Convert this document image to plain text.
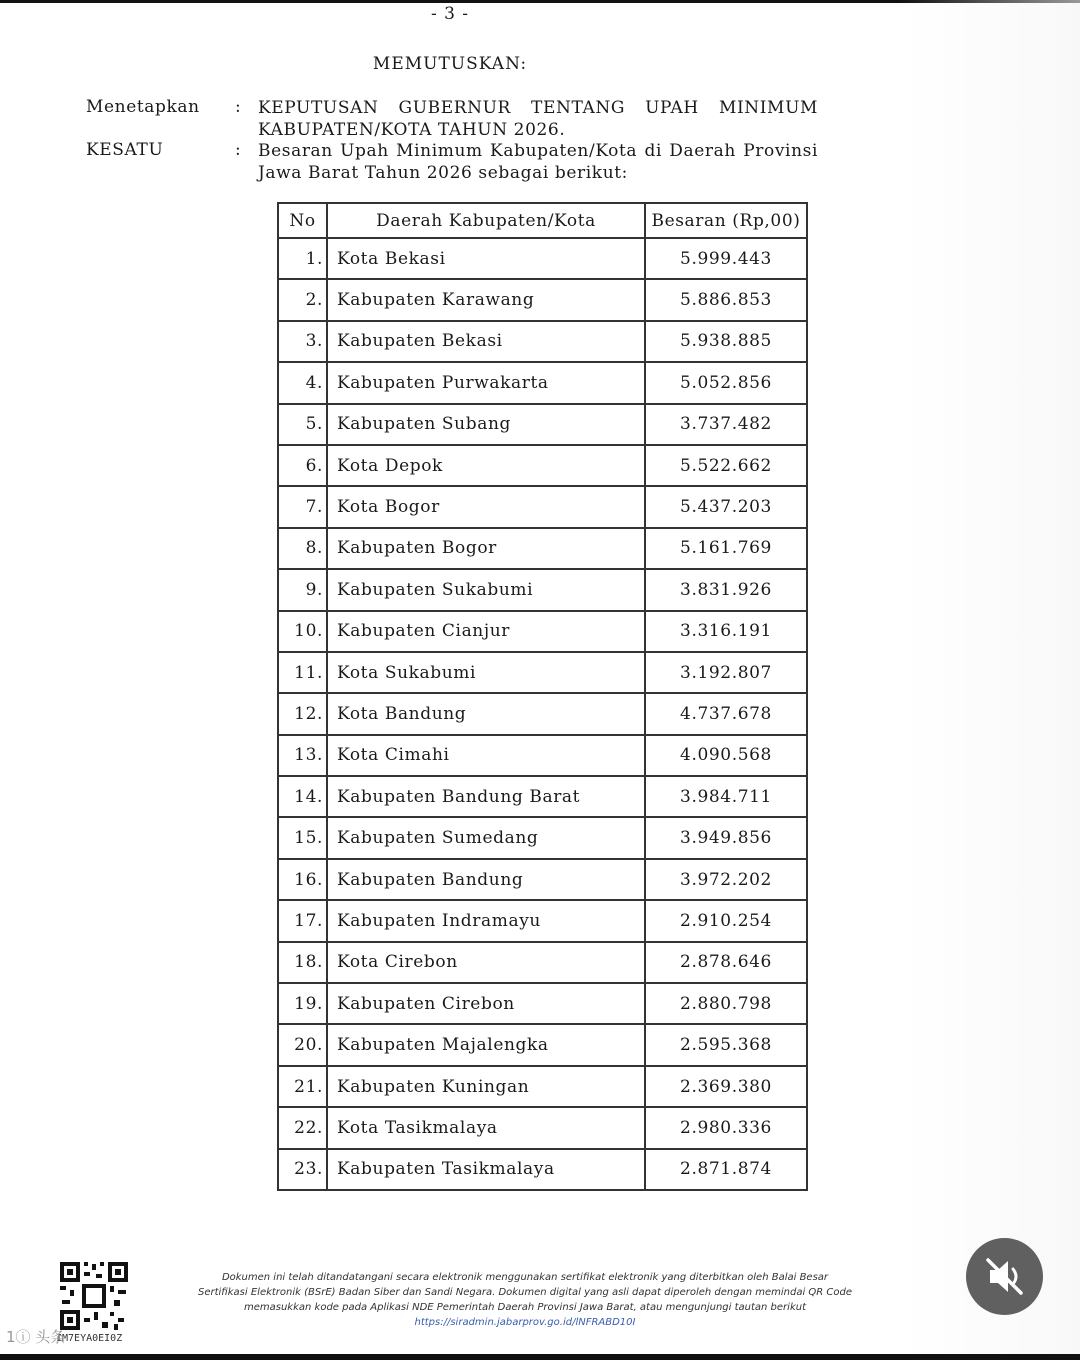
- 3 -
MEMUTUSKAN:
Menetapkan : KEPUTUSAN GUBERNUR TENTANG UPAH MINIMUM
KABUPATEN/KOTA TAHUN 2026.
KESATU	: Besaran Upah Minimum Kabupaten/Kota di Daerah Provinsi
Jawa Barat Tahun 2026 sebagai berikut:
No	Daerah Kabupaten/Kota	Besaran (Rp,00)
1.	Kota Bekasi	5.999.443
2.	Kabupaten Karawang	5.886.853
3.	Kabupaten Bekasi	5.938.885
4.	Kabupaten Purwakarta	5.052.856
5.	Kabupaten Subang	3.737.482
6.	Kota Depok	5.522.662
7.	Kota Bogor	5.437.203
8.	Kabupaten Bogor	5.161.769
9.	Kabupaten Sukabumi	3.831.926
10.	Kabupaten Cianjur	3.316.191
11.	Kota Sukabumi	3.192.807
12.	Kota Bandung	4.737.678
13.	Kota Cimahi	4.090.568
14.	Kabupaten Bandung Barat	3.984.711
15.	Kabupaten Sumedang	3.949.856
16.	Kabupaten Bandung	3.972.202
17.	Kabupaten Indramayu	2.910.254
18.	Kota Cirebon	2.878.646
19.	Kabupaten Cirebon	2.880.798
20.	Kabupaten Majalengka	2.595.368
21.	Kabupaten Kuningan	2.369.380
22.	Kota Tasikmalaya	2.980.336
23.	Kabupaten Tasikmalaya	2.871.874
IM7EYA0EI0Z
1ⓘ 头条
Dokumen ini telah ditandatangani secara elektronik menggunakan sertifikat elektronik yang diterbitkan oleh Balai Besar
Sertifikasi Elektronik (BSrE) Badan Siber dan Sandi Negara. Dokumen digital yang asli dapat diperoleh dengan memindai QR Code
memasukkan kode pada Aplikasi NDE Pemerintah Daerah Provinsi Jawa Barat, atau mengunjungi tautan berikut
https://siradmin.jabarprov.go.id/lNFRABD10I
